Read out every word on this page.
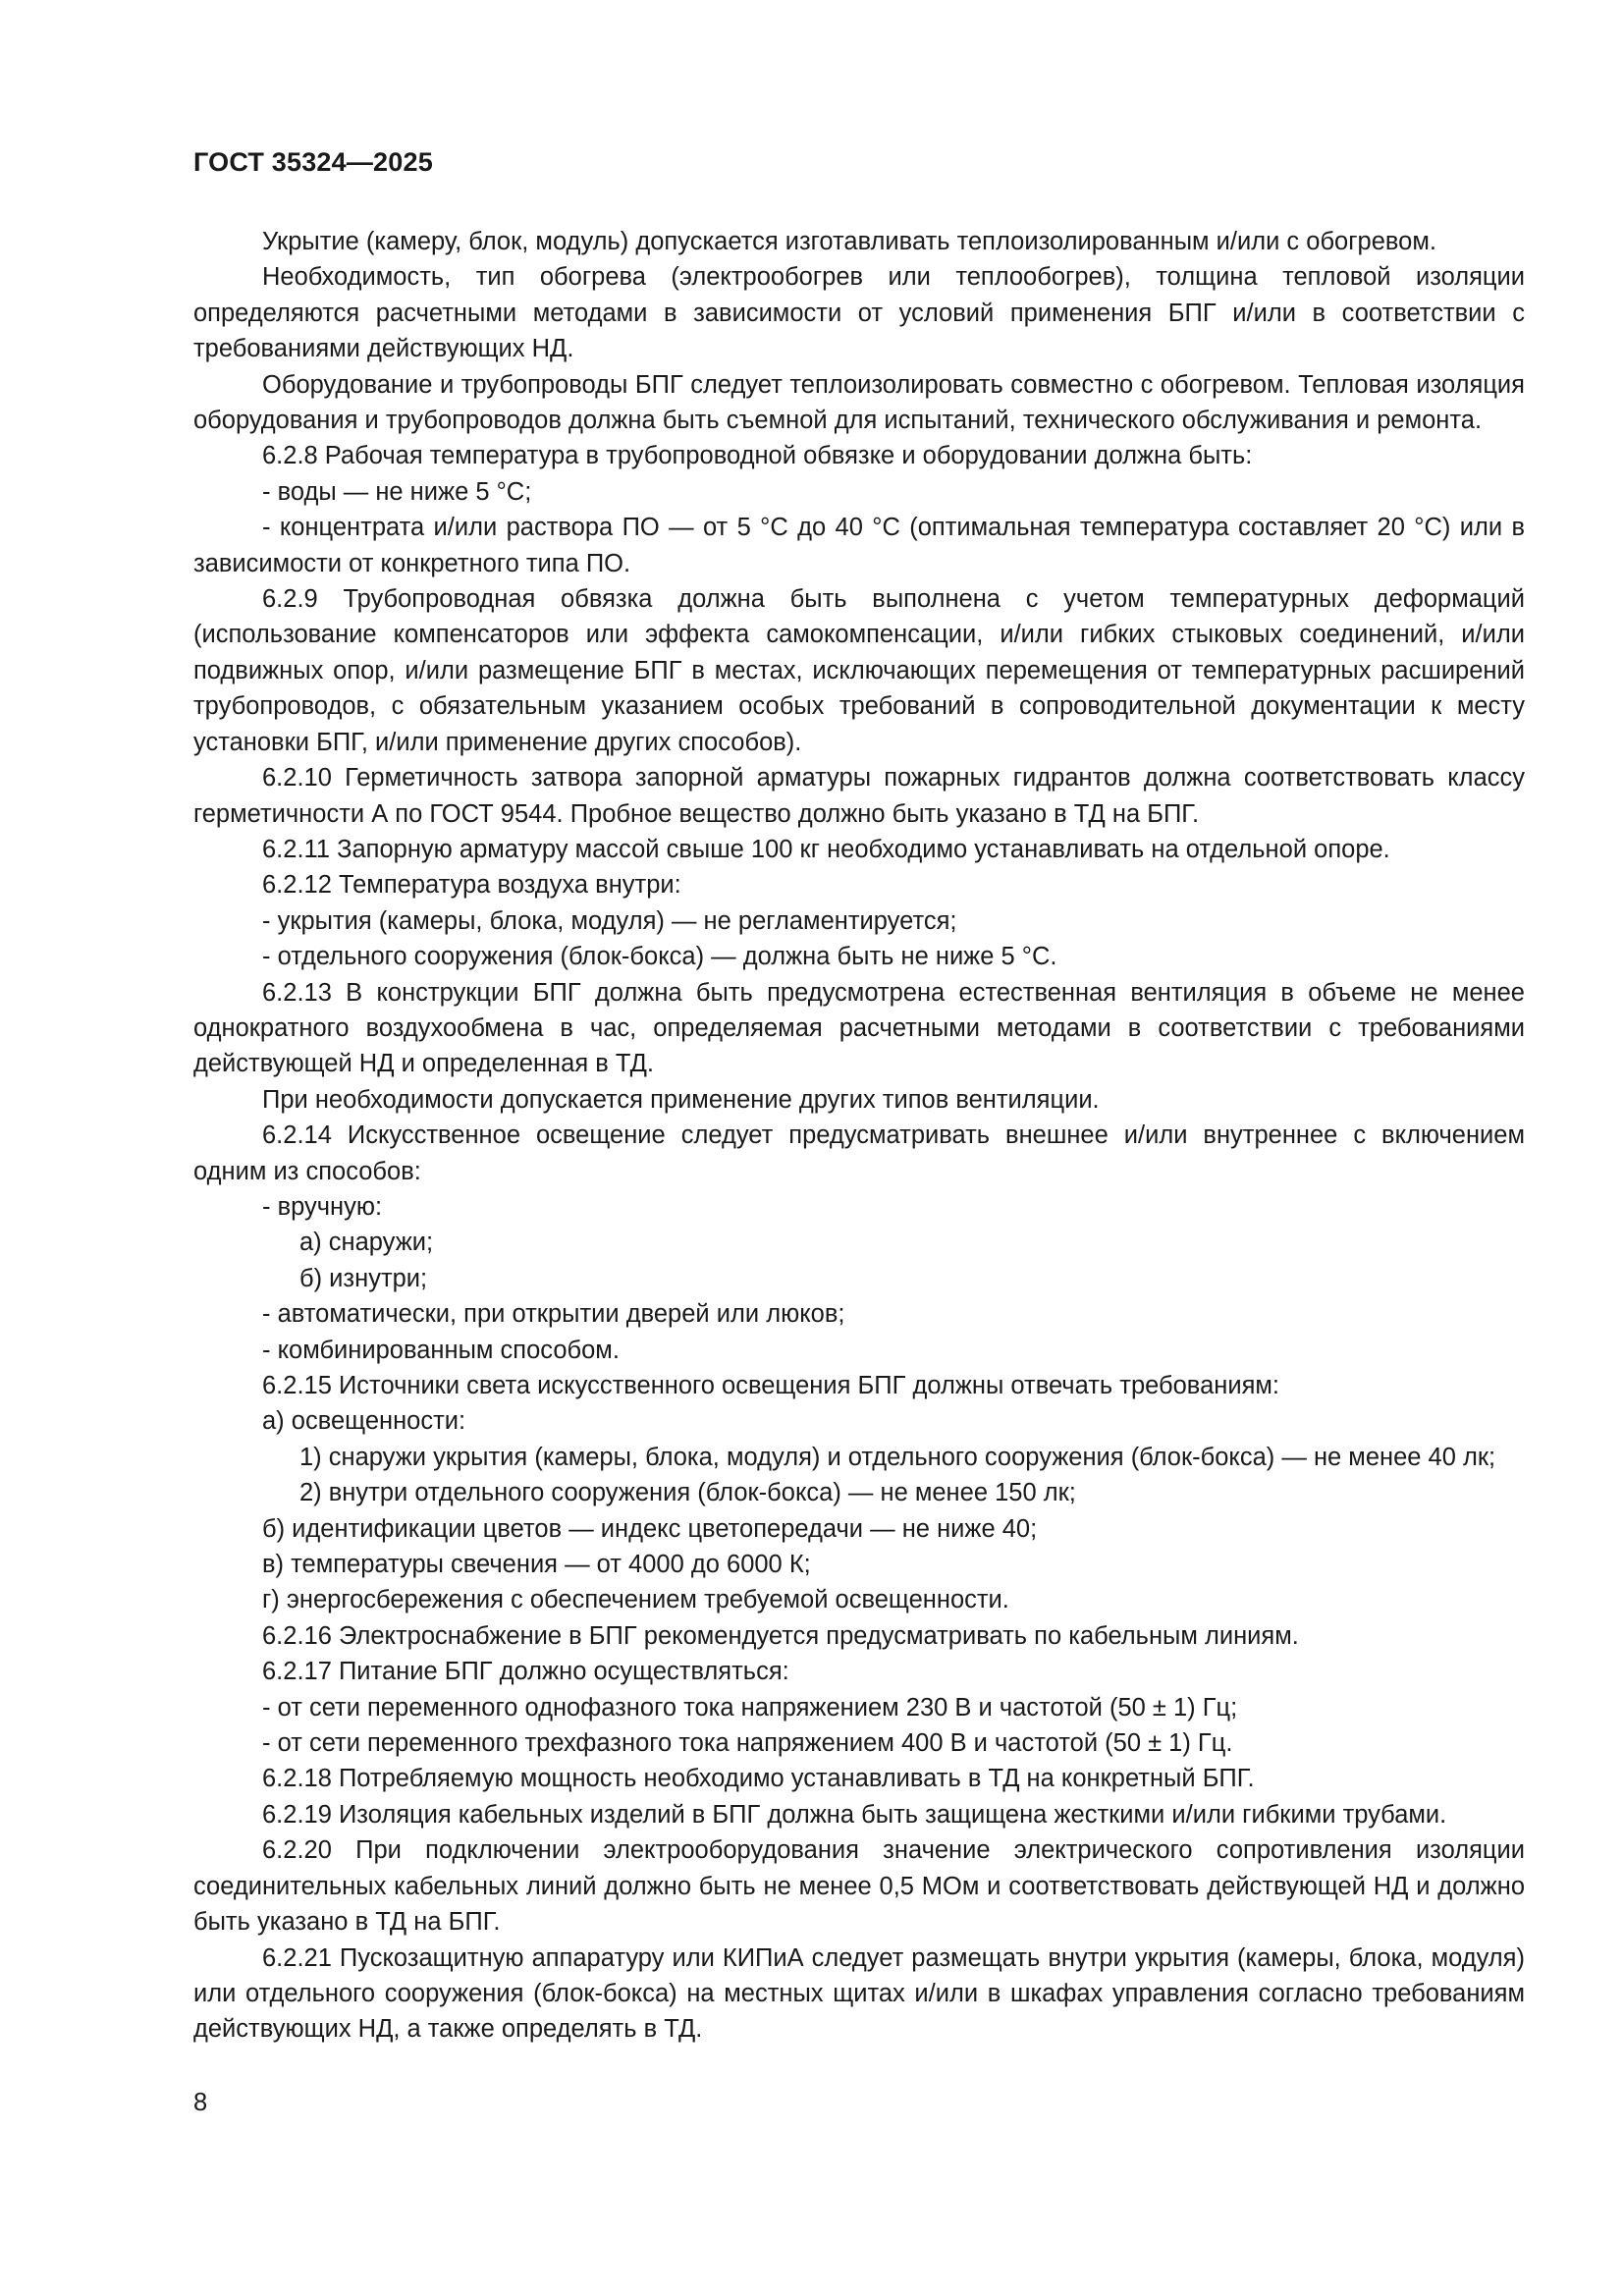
ГОСТ 35324—2025

Укрытие (камеру, блок, модуль) допускается изготавливать теплоизолированным и/или с обогревом.

Необходимость, тип обогрева (электрообогрев или теплообогрев), толщина тепловой изоляции определяются расчетными методами в зависимости от условий применения БПГ и/или в соответствии с требованиями действующих НД.

Оборудование и трубопроводы БПГ следует теплоизолировать совместно с обогревом. Тепловая изоляция оборудования и трубопроводов должна быть съемной для испытаний, технического обслуживания и ремонта.

6.2.8 Рабочая температура в трубопроводной обвязке и оборудовании должна быть:

- воды — не ниже 5 °С;

- концентрата и/или раствора ПО — от 5 °С до 40 °С (оптимальная температура составляет 20 °С) или в зависимости от конкретного типа ПО.

6.2.9 Трубопроводная обвязка должна быть выполнена с учетом температурных деформаций (использование компенсаторов или эффекта самокомпенсации, и/или гибких стыковых соединений, и/или подвижных опор, и/или размещение БПГ в местах, исключающих перемещения от температурных расширений трубопроводов, с обязательным указанием особых требований в сопроводительной документации к месту установки БПГ, и/или применение других способов).

6.2.10 Герметичность затвора запорной арматуры пожарных гидрантов должна соответствовать классу герметичности А по ГОСТ 9544. Пробное вещество должно быть указано в ТД на БПГ.

6.2.11 Запорную арматуру массой свыше 100 кг необходимо устанавливать на отдельной опоре.

6.2.12 Температура воздуха внутри:

- укрытия (камеры, блока, модуля) — не регламентируется;

- отдельного сооружения (блок-бокса) — должна быть не ниже 5 °С.

6.2.13 В конструкции БПГ должна быть предусмотрена естественная вентиляция в объеме не менее однократного воздухообмена в час, определяемая расчетными методами в соответствии с требованиями действующей НД и определенная в ТД.

При необходимости допускается применение других типов вентиляции.

6.2.14 Искусственное освещение следует предусматривать внешнее и/или внутреннее с включением одним из способов:

- вручную:

а) снаружи;

б) изнутри;

- автоматически, при открытии дверей или люков;

- комбинированным способом.

6.2.15 Источники света искусственного освещения БПГ должны отвечать требованиям:

а) освещенности:

1) снаружи укрытия (камеры, блока, модуля) и отдельного сооружения (блок-бокса) — не менее 40 лк;

2) внутри отдельного сооружения (блок-бокса) — не менее 150 лк;

б) идентификации цветов — индекс цветопередачи — не ниже 40;

в) температуры свечения — от 4000 до 6000 К;

г) энергосбережения с обеспечением требуемой освещенности.

6.2.16 Электроснабжение в БПГ рекомендуется предусматривать по кабельным линиям.

6.2.17 Питание БПГ должно осуществляться:

- от сети переменного однофазного тока напряжением 230 В и частотой (50 ± 1) Гц;

- от сети переменного трехфазного тока напряжением 400 В и частотой (50 ± 1) Гц.

6.2.18 Потребляемую мощность необходимо устанавливать в ТД на конкретный БПГ.

6.2.19 Изоляция кабельных изделий в БПГ должна быть защищена жесткими и/или гибкими трубами.

6.2.20 При подключении электрооборудования значение электрического сопротивления изоляции соединительных кабельных линий должно быть не менее 0,5 МОм и соответствовать действующей НД и должно быть указано в ТД на БПГ.

6.2.21 Пускозащитную аппаратуру или КИПиА следует размещать внутри укрытия (камеры, блока, модуля) или отдельного сооружения (блок-бокса) на местных щитах и/или в шкафах управления согласно требованиям действующих НД, а также определять в ТД.

8
